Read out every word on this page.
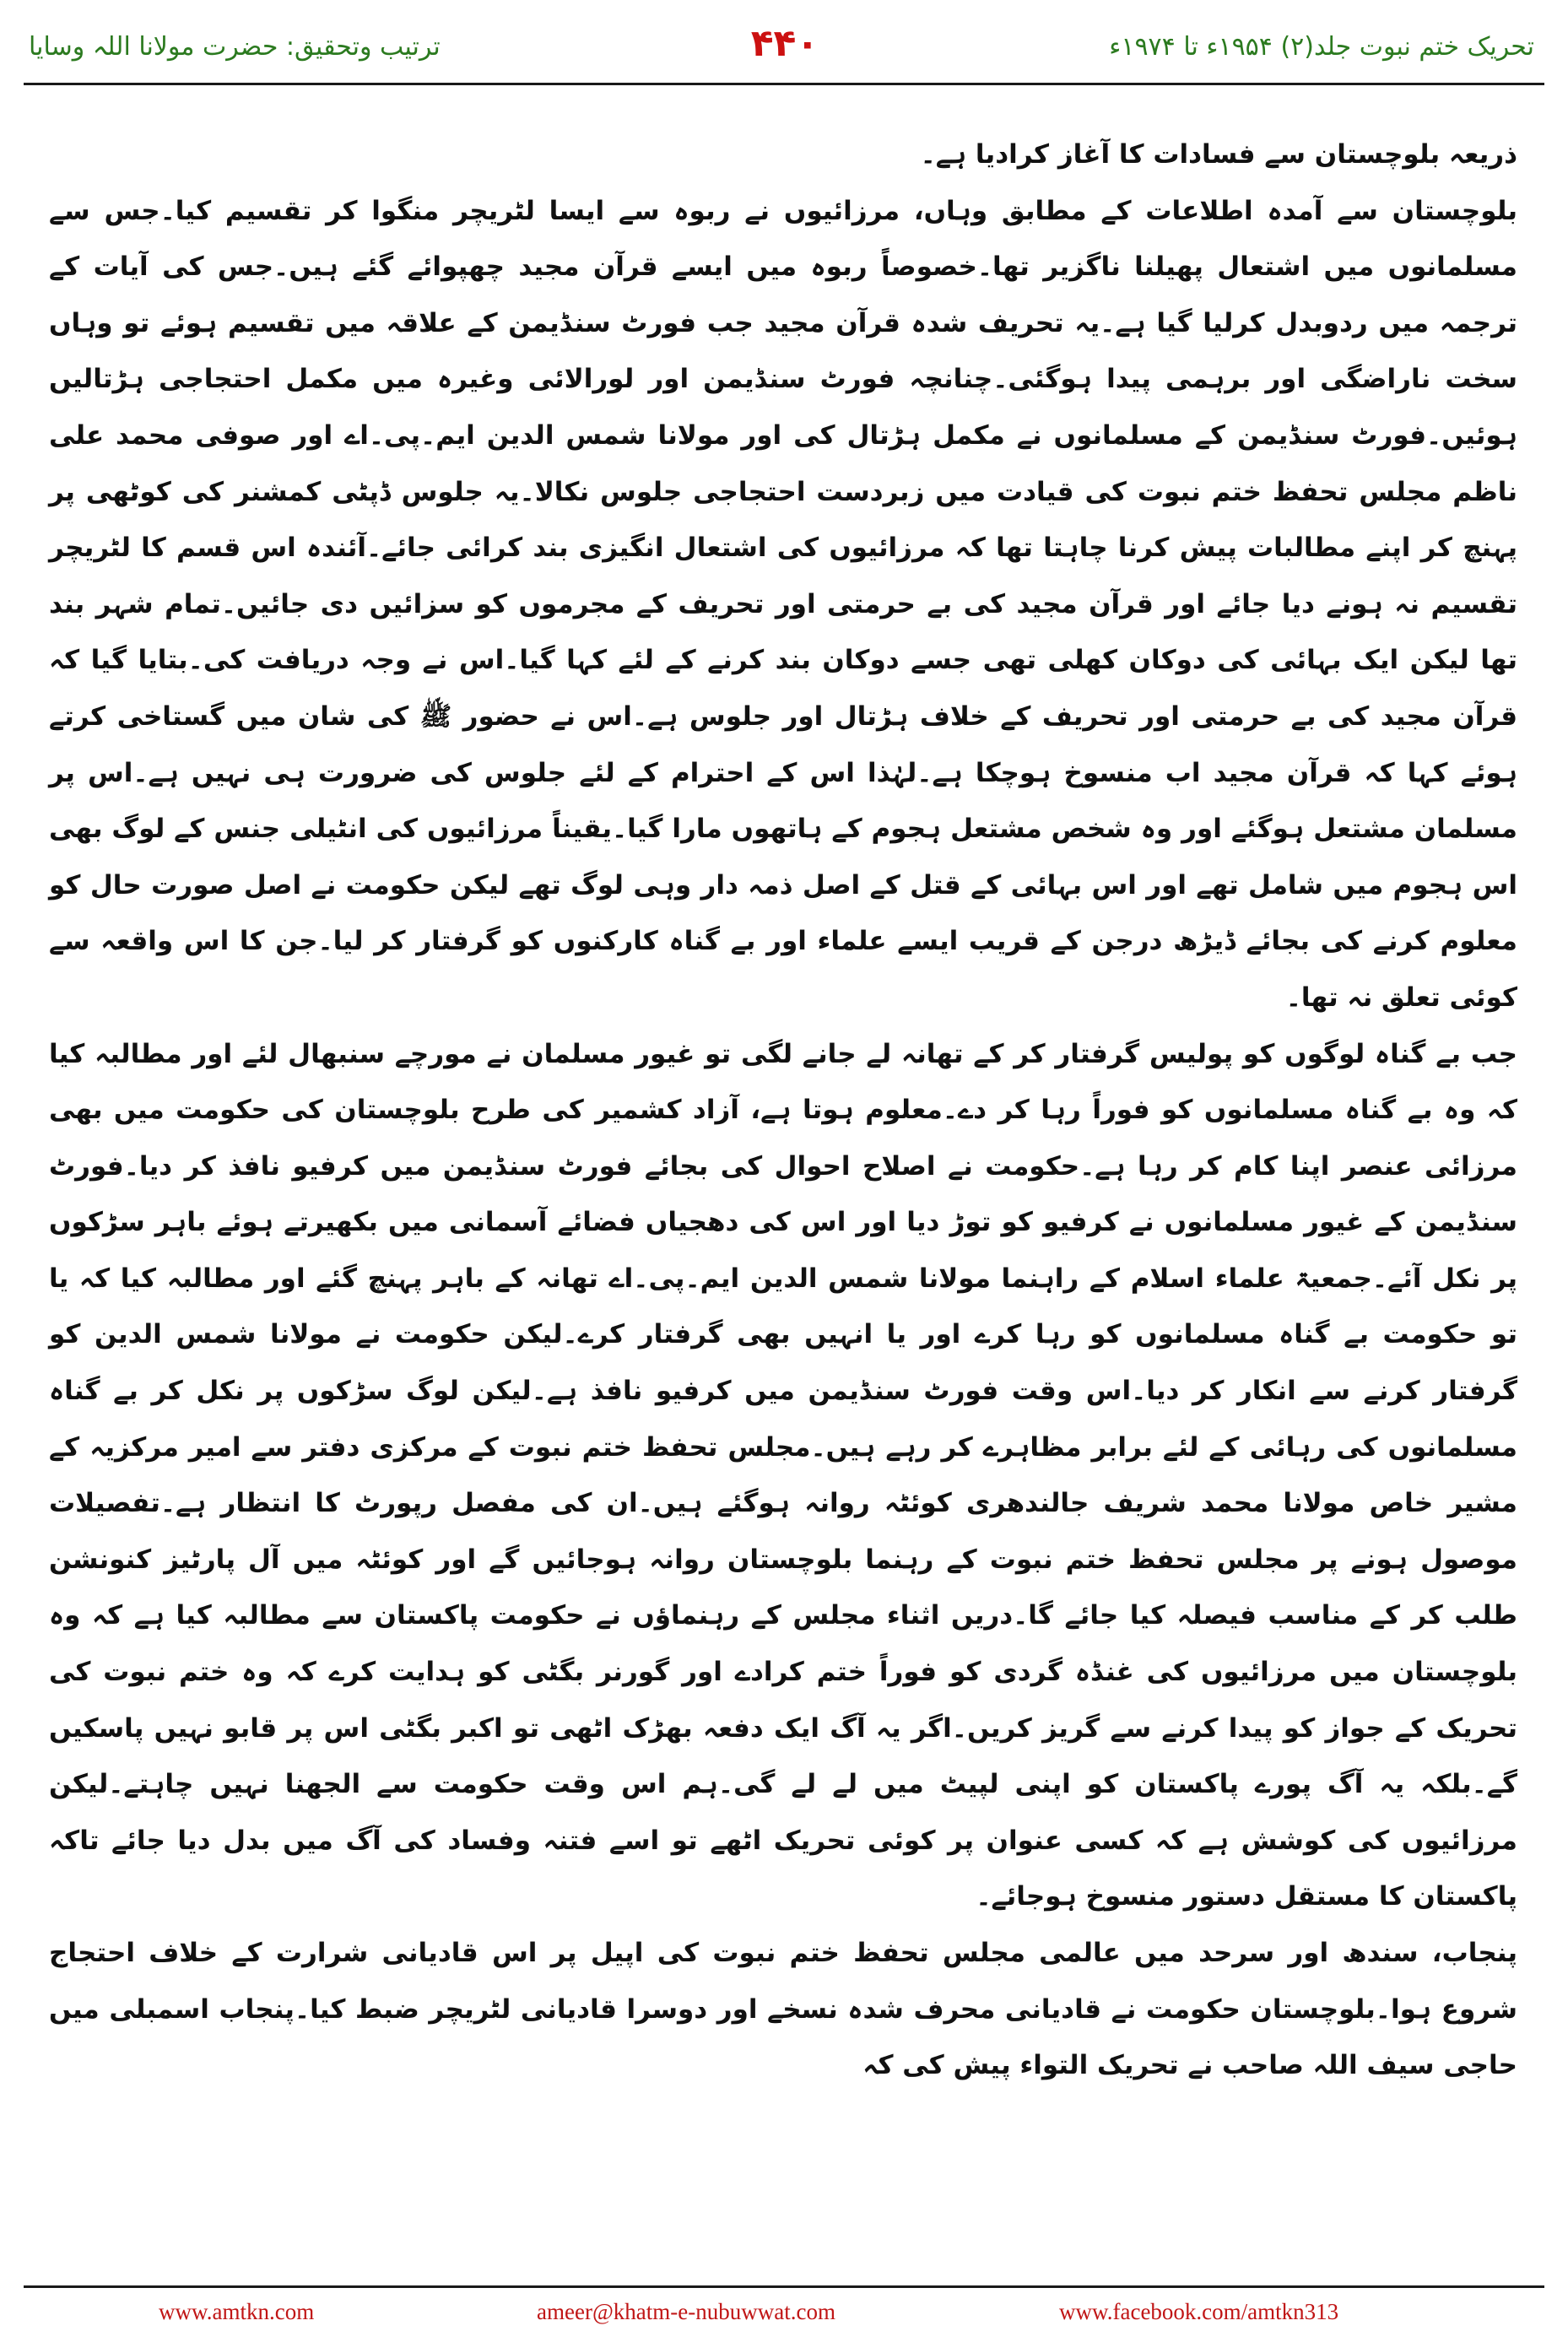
تحریک ختم نبوت جلد(۲) ۱۹۵۴ء تا ۱۹۷۴ء
۴۴۰
ترتیب وتحقیق: حضرت مولانا اللہ وسایا

ذریعہ بلوچستان سے فسادات کا آغاز کرادیا ہے۔

بلوچستان سے آمدہ اطلاعات کے مطابق وہاں، مرزائیوں نے ربوہ سے ایسا لٹریچر منگوا کر تقسیم کیا۔جس سے مسلمانوں میں اشتعال پھیلنا ناگزیر تھا۔خصوصاً ربوہ میں ایسے قرآن مجید چھپوائے گئے ہیں۔جس کی آیات کے ترجمہ میں ردوبدل کرلیا گیا ہے۔یہ تحریف شدہ قرآن مجید جب فورٹ سنڈیمن کے علاقہ میں تقسیم ہوئے تو وہاں سخت ناراضگی اور برہمی پیدا ہوگئی۔چنانچہ فورٹ سنڈیمن اور لورالائی وغیرہ میں مکمل احتجاجی ہڑتالیں ہوئیں۔فورٹ سنڈیمن کے مسلمانوں نے مکمل ہڑتال کی اور مولانا شمس الدین ایم۔پی۔اے اور صوفی محمد علی ناظم مجلس تحفظ ختم نبوت کی قیادت میں زبردست احتجاجی جلوس نکالا۔یہ جلوس ڈپٹی کمشنر کی کوٹھی پر پہنچ کر اپنے مطالبات پیش کرنا چاہتا تھا کہ مرزائیوں کی اشتعال انگیزی بند کرائی جائے۔آئندہ اس قسم کا لٹریچر تقسیم نہ ہونے دیا جائے اور قرآن مجید کی بے حرمتی اور تحریف کے مجرموں کو سزائیں دی جائیں۔تمام شہر بند تھا لیکن ایک بہائی کی دوکان کھلی تھی جسے دوکان بند کرنے کے لئے کہا گیا۔اس نے وجہ دریافت کی۔بتایا گیا کہ قرآن مجید کی بے حرمتی اور تحریف کے خلاف ہڑتال اور جلوس ہے۔اس نے حضور ﷺ کی شان میں گستاخی کرتے ہوئے کہا کہ قرآن مجید اب منسوخ ہوچکا ہے۔لہٰذا اس کے احترام کے لئے جلوس کی ضرورت ہی نہیں ہے۔اس پر مسلمان مشتعل ہوگئے اور وہ شخص مشتعل ہجوم کے ہاتھوں مارا گیا۔یقیناً مرزائیوں کی انٹیلی جنس کے لوگ بھی اس ہجوم میں شامل تھے اور اس بہائی کے قتل کے اصل ذمہ دار وہی لوگ تھے لیکن حکومت نے اصل صورت حال کو معلوم کرنے کی بجائے ڈیڑھ درجن کے قریب ایسے علماء اور بے گناہ کارکنوں کو گرفتار کر لیا۔جن کا اس واقعہ سے کوئی تعلق نہ تھا۔

جب بے گناہ لوگوں کو پولیس گرفتار کر کے تھانہ لے جانے لگی تو غیور مسلمان نے مورچے سنبھال لئے اور مطالبہ کیا کہ وہ بے گناہ مسلمانوں کو فوراً رہا کر دے۔معلوم ہوتا ہے، آزاد کشمیر کی طرح بلوچستان کی حکومت میں بھی مرزائی عنصر اپنا کام کر رہا ہے۔حکومت نے اصلاح احوال کی بجائے فورٹ سنڈیمن میں کرفیو نافذ کر دیا۔فورٹ سنڈیمن کے غیور مسلمانوں نے کرفیو کو توڑ دیا اور اس کی دھجیاں فضائے آسمانی میں بکھیرتے ہوئے باہر سڑکوں پر نکل آئے۔جمعیۃ علماء اسلام کے راہنما مولانا شمس الدین ایم۔پی۔اے تھانہ کے باہر پہنچ گئے اور مطالبہ کیا کہ یا تو حکومت بے گناہ مسلمانوں کو رہا کرے اور یا انہیں بھی گرفتار کرے۔لیکن حکومت نے مولانا شمس الدین کو گرفتار کرنے سے انکار کر دیا۔اس وقت فورٹ سنڈیمن میں کرفیو نافذ ہے۔لیکن لوگ سڑکوں پر نکل کر بے گناہ مسلمانوں کی رہائی کے لئے برابر مظاہرے کر رہے ہیں۔مجلس تحفظ ختم نبوت کے مرکزی دفتر سے امیر مرکزیہ کے مشیر خاص مولانا محمد شریف جالندھری کوئٹہ روانہ ہوگئے ہیں۔ان کی مفصل رپورٹ کا انتظار ہے۔تفصیلات موصول ہونے پر مجلس تحفظ ختم نبوت کے رہنما بلوچستان روانہ ہوجائیں گے اور کوئٹہ میں آل پارٹیز کنونشن طلب کر کے مناسب فیصلہ کیا جائے گا۔دریں اثناء مجلس کے رہنماؤں نے حکومت پاکستان سے مطالبہ کیا ہے کہ وہ بلوچستان میں مرزائیوں کی غنڈہ گردی کو فوراً ختم کرادے اور گورنر بگٹی کو ہدایت کرے کہ وہ ختم نبوت کی تحریک کے جواز کو پیدا کرنے سے گریز کریں۔اگر یہ آگ ایک دفعہ بھڑک اٹھی تو اکبر بگٹی اس پر قابو نہیں پاسکیں گے۔بلکہ یہ آگ پورے پاکستان کو اپنی لپیٹ میں لے لے گی۔ہم اس وقت حکومت سے الجھنا نہیں چاہتے۔لیکن مرزائیوں کی کوشش ہے کہ کسی عنوان پر کوئی تحریک اٹھے تو اسے فتنہ وفساد کی آگ میں بدل دیا جائے تاکہ پاکستان کا مستقل دستور منسوخ ہوجائے۔

پنجاب، سندھ اور سرحد میں عالمی مجلس تحفظ ختم نبوت کی اپیل پر اس قادیانی شرارت کے خلاف احتجاج شروع ہوا۔بلوچستان حکومت نے قادیانی محرف شدہ نسخے اور دوسرا قادیانی لٹریچر ضبط کیا۔پنجاب اسمبلی میں حاجی سیف اللہ صاحب نے تحریک التواء پیش کی کہ

www.amtkn.com	ameer@khatm-e-nubuwwat.com	www.facebook.com/amtkn313
